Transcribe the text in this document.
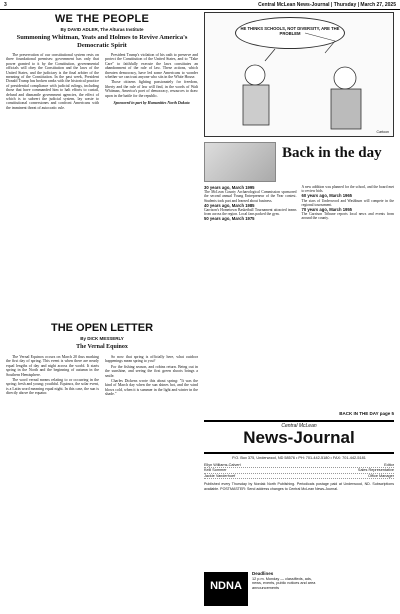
3	Central McLean News-Journal | Thursday | March 27, 2025
WE THE PEOPLE
By DAVID ADLER, The Alturas Institute
Summoning Whitman, Yeats and Holmes to Revive America's Democratic Spirit

The preservation of our constitutional system rests on three foundational premises: government has only that power granted to it by the Constitution, governmental officials will obey the Constitution and the laws of the United States, and the judiciary is the final arbiter of the meaning of the Constitution. In the past week, President Donald Trump has broken ranks with the historical practice of presidential compliance with judicial rulings, including those that have commanded him to halt efforts to curtail, defund and dismantle government agencies, the effect of which is to subvert the judicial system, lay waste to constitutional cornerstones and confront Americans with the imminent threat of autocratic rule.

President Trump's violation of his oath to preserve and protect the Constitution of the United States, and to "Take Care" to faithfully execute the laws constitutes an abandonment of the rule of law. These actions, which threaten democracy, have led some Americans to wonder whether we can trust anyone who sits in the White House.

Those citizens fighting passionately for freedom, liberty and the rule of law will find, in the words of Walt Whitman, America's poet of democracy, resources to draw upon in the battle for the republic.

Sponsored in part by Humanities North Dakota

HE THINKS SCHOOLS, NOT DIVERSITY, ARE THE PROBLEM
Cartoon
Back in the day
30 years ago, March 1995

The McLean County Archaeological Commission sponsored the second annual Young Entrepreneur of the Year contest. Students took part and learned about business.

40 years ago, March 1985

Garrison's Hometown Basketball Tournament attracted teams from across the region. Local fans packed the gym.

50 years ago, March 1975

A new addition was planned for the school, and the board met to review bids.

60 years ago, March 1965

The stars of Underwood and Washburn will compete in the regional tournament.

70 years ago, March 1955

The Garrison Tribune reports local news and events from around the county.

BACK IN THE DAY page 5
THE OPEN LETTER
By DICK MESSERLY
The Vernal Equinox

The Vernal Equinox occurs on March 20 thus marking the first day of spring. This event is when there are nearly equal lengths of day and night across the world. It starts spring in the North and the beginning of autumn in the Southern Hemisphere.

The word vernal means relating to or occurring in the spring; fresh and young; youthful. Equinox, the solar event, is a Latin word meaning equal night. In this case, the sun is directly above the equator.

So now that spring is officially here, what outdoor happenings mean spring to you?

For the fishing season, and robins return. Being out in the sunshine, and seeing the first green shoots brings a smile.

Charles Dickens wrote this about spring: "It was the kind of March day when the sun shines hot, and the wind blows cold, when it is summer in the light and winter in the shade."

Central McLean
News-Journal
P.O. Box 375, Underwood, ND 58576 • PH: 701-442-5180 • FAX: 701-442-5181
Ellyn Williams-Calvert	Editor
Kelli Sommer	Sales Representative
Jackie Vanderhoef	Office Manager
Published every Thursday by Nordak North Publishing. Periodicals postage paid at Underwood, ND. Subscriptions available. POSTMASTER: Send address changes to Central McLean News-Journal.
NDNA
Deadlines
12 p.m. Monday — classifieds, ads, news, events, public notices and area announcements
